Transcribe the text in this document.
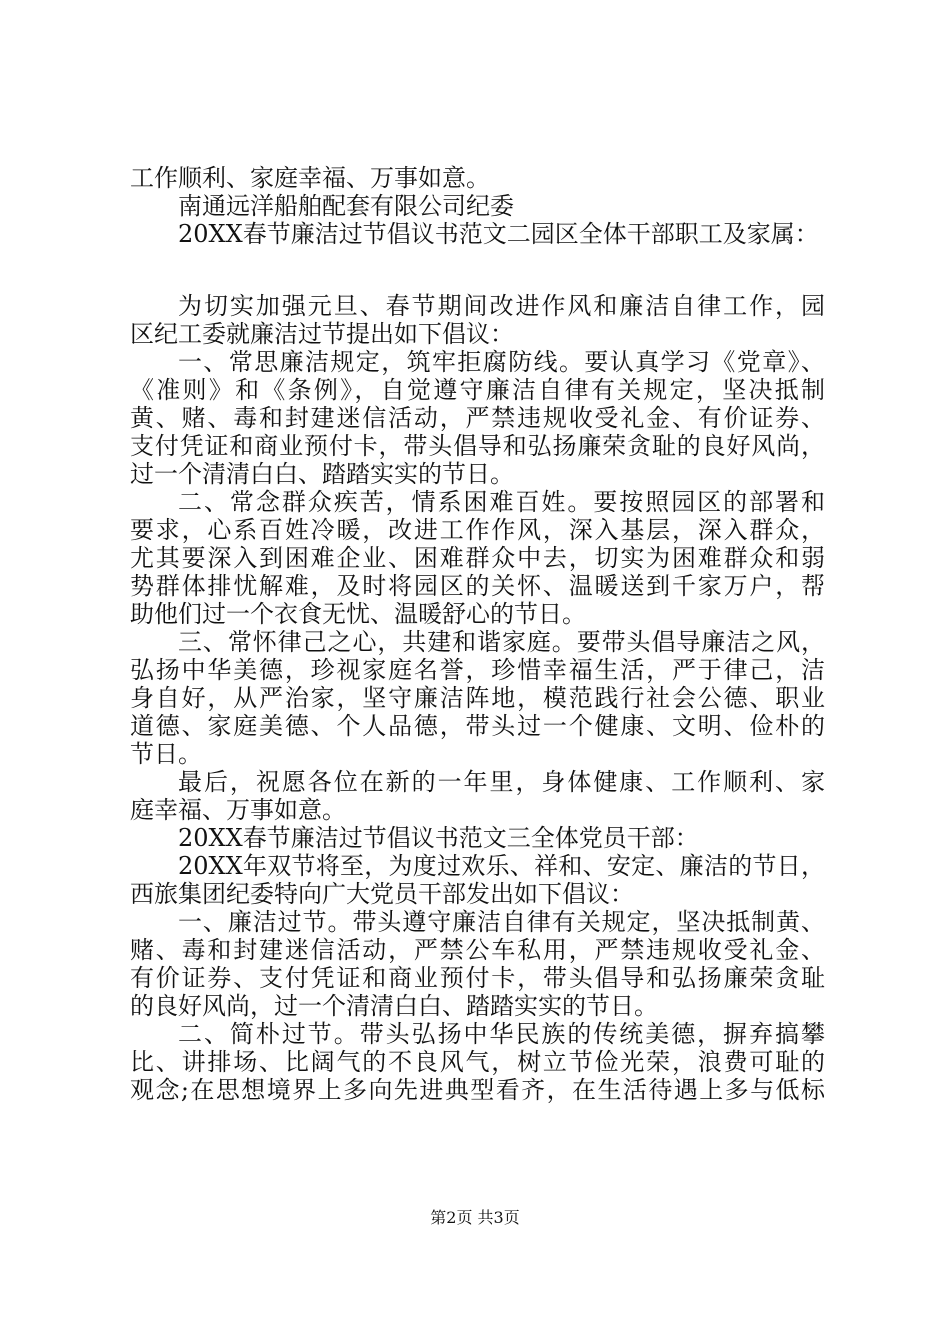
工作顺利、家庭幸福、万事如意。
南通远洋船舶配套有限公司纪委
20XX春节廉洁过节倡议书范文二园区全体干部职工及家属：
为切实加强元旦、春节期间改进作风和廉洁自律工作，园
区纪工委就廉洁过节提出如下倡议：
一、常思廉洁规定，筑牢拒腐防线。要认真学习《党章》、
《准则》和《条例》，自觉遵守廉洁自律有关规定，坚决抵制
黄、赌、毒和封建迷信活动，严禁违规收受礼金、有价证券、
支付凭证和商业预付卡，带头倡导和弘扬廉荣贪耻的良好风尚，
过一个清清白白、踏踏实实的节日。
二、常念群众疾苦，情系困难百姓。要按照园区的部署和
要求，心系百姓冷暖，改进工作作风，深入基层，深入群众，
尤其要深入到困难企业、困难群众中去，切实为困难群众和弱
势群体排忧解难，及时将园区的关怀、温暖送到千家万户，帮
助他们过一个衣食无忧、温暖舒心的节日。
三、常怀律己之心，共建和谐家庭。要带头倡导廉洁之风，
弘扬中华美德，珍视家庭名誉，珍惜幸福生活，严于律己，洁
身自好，从严治家，坚守廉洁阵地，模范践行社会公德、职业
道德、家庭美德、个人品德，带头过一个健康、文明、俭朴的
节日。
最后，祝愿各位在新的一年里，身体健康、工作顺利、家
庭幸福、万事如意。
20XX春节廉洁过节倡议书范文三全体党员干部：
20XX年双节将至，为度过欢乐、祥和、安定、廉洁的节日，
西旅集团纪委特向广大党员干部发出如下倡议：
一、廉洁过节。带头遵守廉洁自律有关规定，坚决抵制黄、
赌、毒和封建迷信活动，严禁公车私用，严禁违规收受礼金、
有价证券、支付凭证和商业预付卡，带头倡导和弘扬廉荣贪耻
的良好风尚，过一个清清白白、踏踏实实的节日。
二、简朴过节。带头弘扬中华民族的传统美德，摒弃搞攀
比、讲排场、比阔气的不良风气，树立节俭光荣，浪费可耻的
观念;在思想境界上多向先进典型看齐，在生活待遇上多与低标
第2页 共3页
